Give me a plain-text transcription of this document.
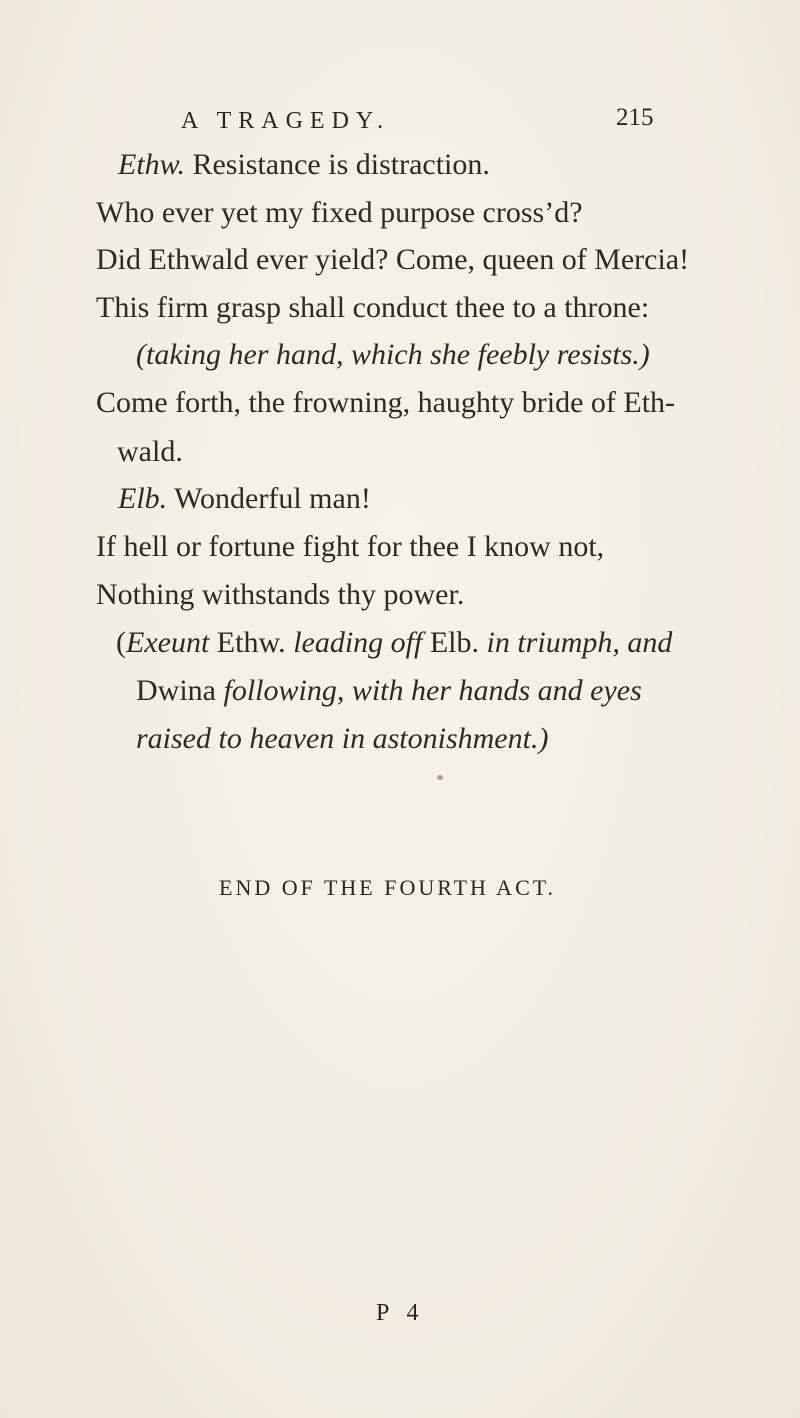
A TRAGEDY.	215
Ethw. Resistance is distraction.
Who ever yet my fixed purpose cross’d?
Did Ethwald ever yield? Come, queen of Mercia!
This firm grasp shall conduct thee to a throne:
(taking her hand, which she feebly resists.)
Come forth, the frowning, haughty bride of Eth-
wald.
Elb. Wonderful man!
If hell or fortune fight for thee I know not,
Nothing withstands thy power.
(Exeunt Ethw. leading off Elb. in triumph, and
Dwina following, with her hands and eyes
raised to heaven in astonishment.)
END OF THE FOURTH ACT.
P 4
